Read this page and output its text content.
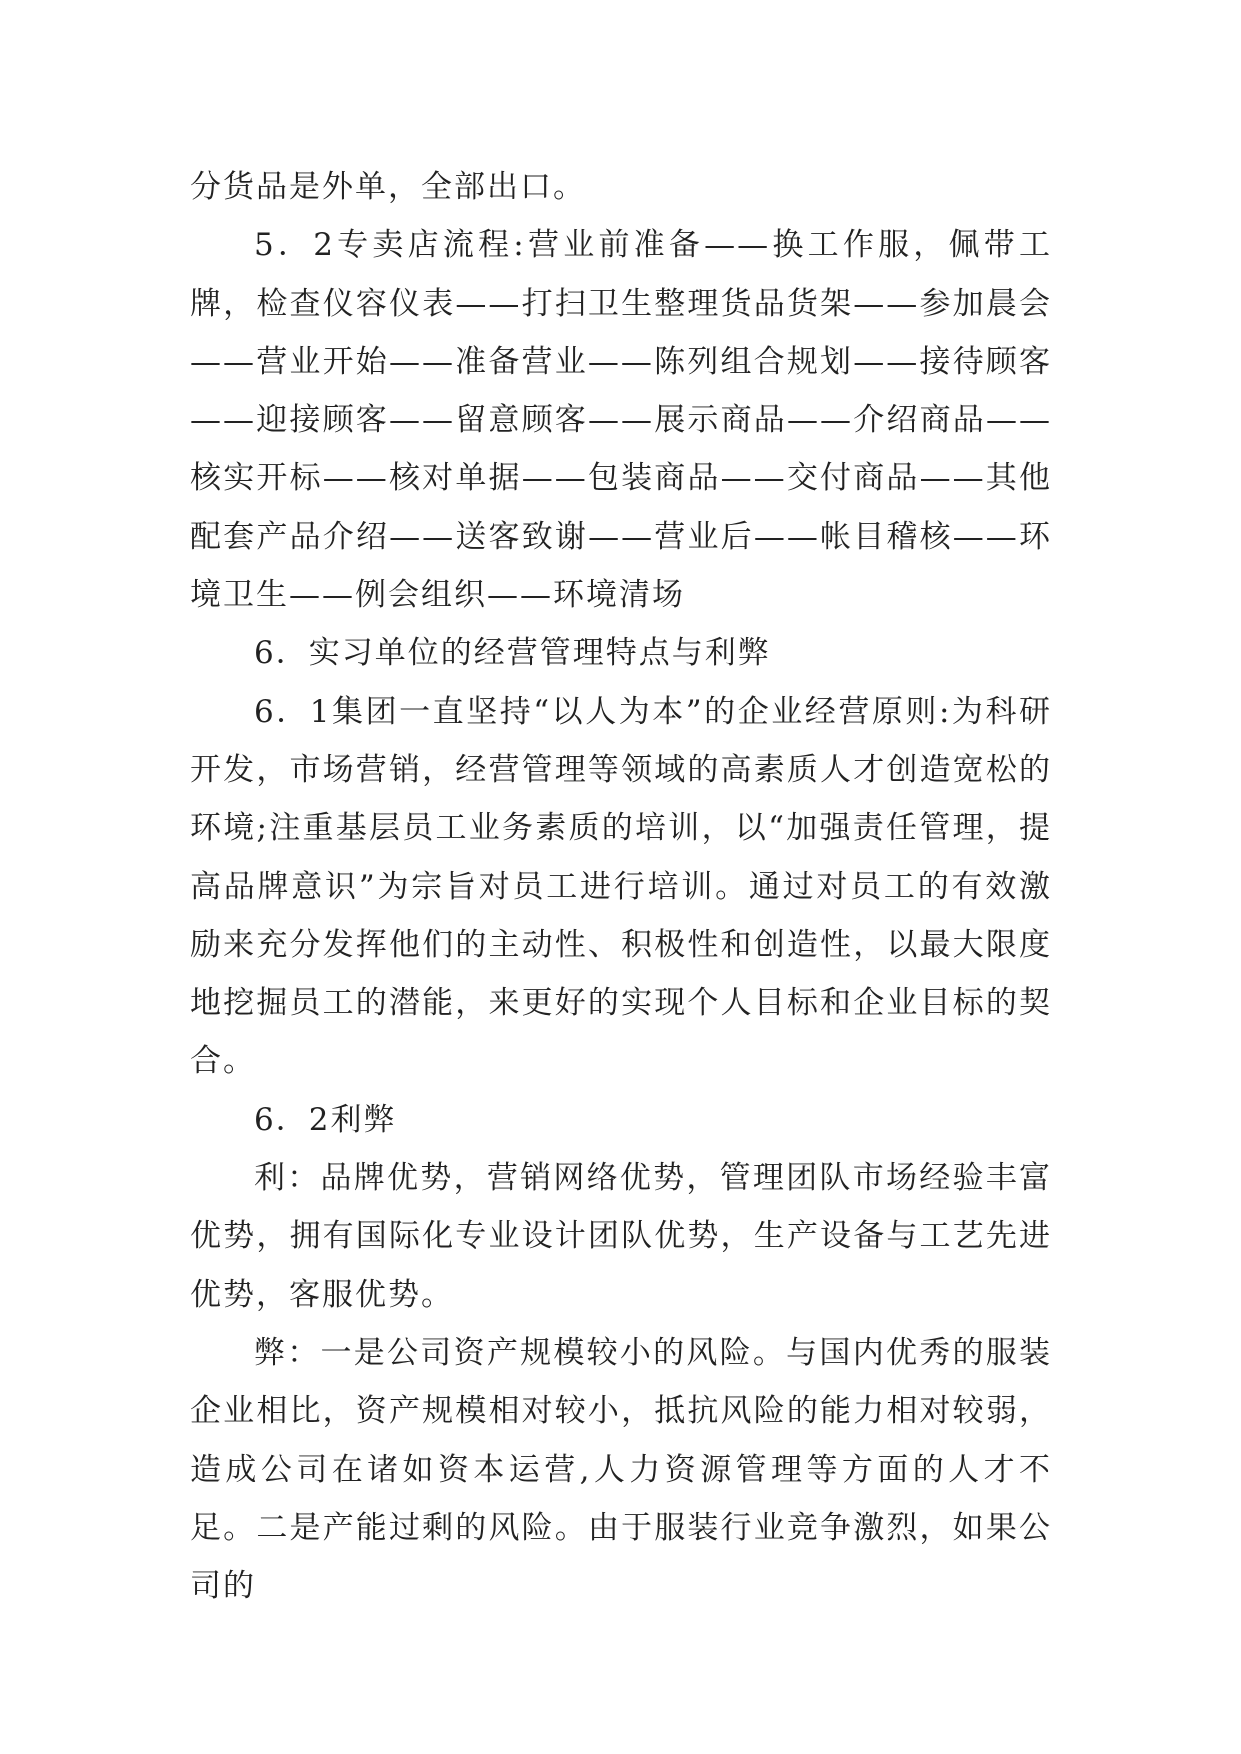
分货品是外单，全部出口。

5．2专卖店流程:营业前准备——换工作服，佩带工牌，检查仪容仪表——打扫卫生整理货品货架——参加晨会——营业开始——准备营业——陈列组合规划——接待顾客——迎接顾客——留意顾客——展示商品——介绍商品——核实开标——核对单据——包装商品——交付商品——其他配套产品介绍——送客致谢——营业后——帐目稽核——环境卫生——例会组织——环境清场

6．实习单位的经营管理特点与利弊

6．1集团一直坚持“以人为本”的企业经营原则:为科研开发，市场营销，经营管理等领域的高素质人才创造宽松的环境;注重基层员工业务素质的培训，以“加强责任管理，提高品牌意识”为宗旨对员工进行培训。通过对员工的有效激励来充分发挥他们的主动性、积极性和创造性，以最大限度地挖掘员工的潜能，来更好的实现个人目标和企业目标的契合。

6．2利弊

利：品牌优势，营销网络优势，管理团队市场经验丰富优势，拥有国际化专业设计团队优势，生产设备与工艺先进优势，客服优势。

弊：一是公司资产规模较小的风险。与国内优秀的服装企业相比，资产规模相对较小，抵抗风险的能力相对较弱，造成公司在诸如资本运营,人力资源管理等方面的人才不足。二是产能过剩的风险。由于服装行业竞争激烈，如果公司的
